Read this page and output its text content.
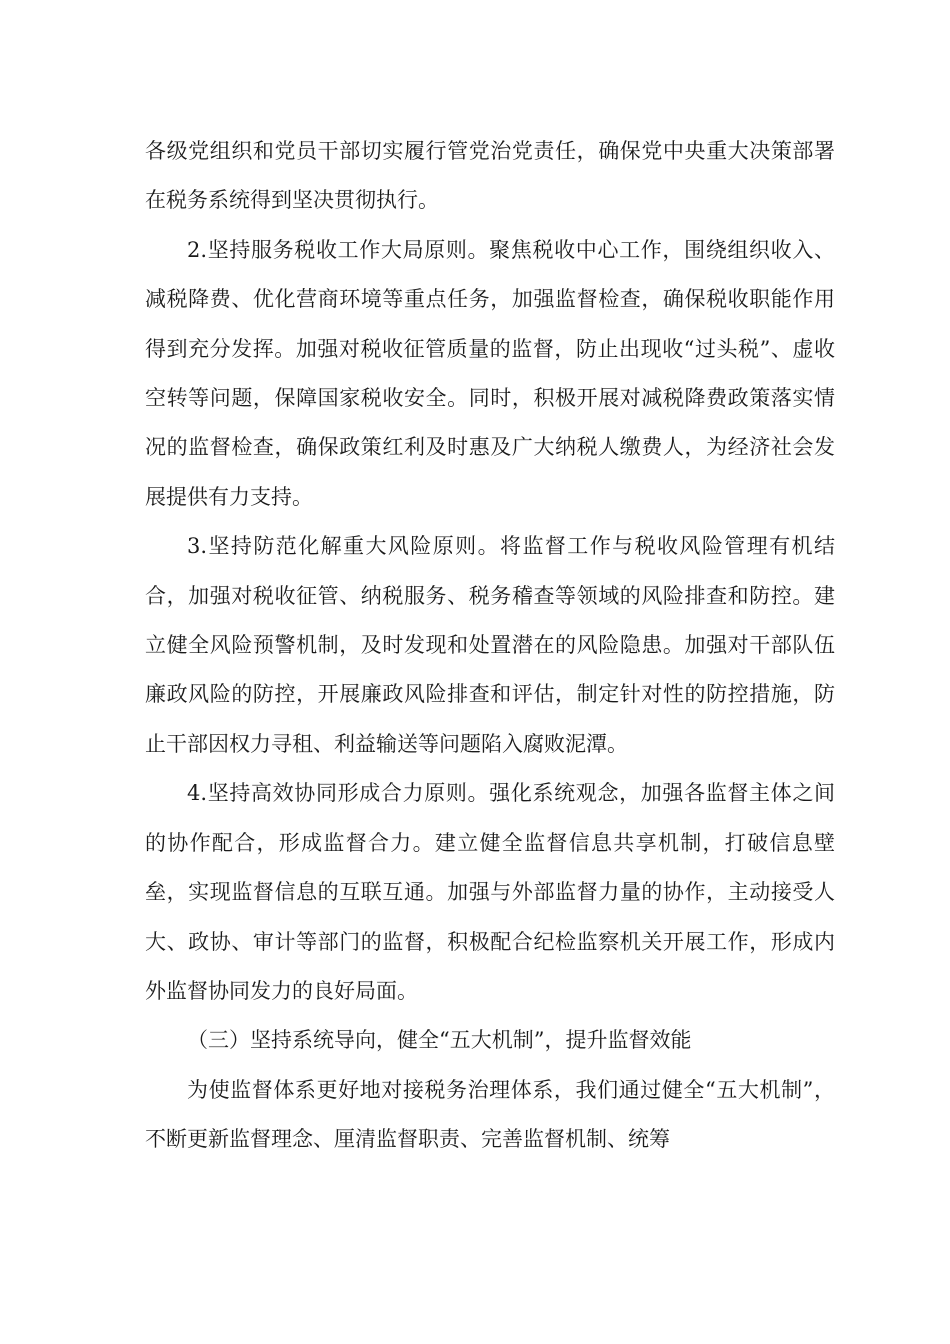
各级党组织和党员干部切实履行管党治党责任，确保党中央重大决策部署在税务系统得到坚决贯彻执行。

2.坚持服务税收工作大局原则。聚焦税收中心工作，围绕组织收入、减税降费、优化营商环境等重点任务，加强监督检查，确保税收职能作用得到充分发挥。加强对税收征管质量的监督，防止出现收“过头税”、虚收空转等问题，保障国家税收安全。同时，积极开展对减税降费政策落实情况的监督检查，确保政策红利及时惠及广大纳税人缴费人，为经济社会发展提供有力支持。

3.坚持防范化解重大风险原则。将监督工作与税收风险管理有机结合，加强对税收征管、纳税服务、税务稽查等领域的风险排查和防控。建立健全风险预警机制，及时发现和处置潜在的风险隐患。加强对干部队伍廉政风险的防控，开展廉政风险排查和评估，制定针对性的防控措施，防止干部因权力寻租、利益输送等问题陷入腐败泥潭。

4.坚持高效协同形成合力原则。强化系统观念，加强各监督主体之间的协作配合，形成监督合力。建立健全监督信息共享机制，打破信息壁垒，实现监督信息的互联互通。加强与外部监督力量的协作，主动接受人大、政协、审计等部门的监督，积极配合纪检监察机关开展工作，形成内外监督协同发力的良好局面。

（三）坚持系统导向，健全“五大机制”，提升监督效能

为使监督体系更好地对接税务治理体系，我们通过健全“五大机制”，不断更新监督理念、厘清监督职责、完善监督机制、统筹
